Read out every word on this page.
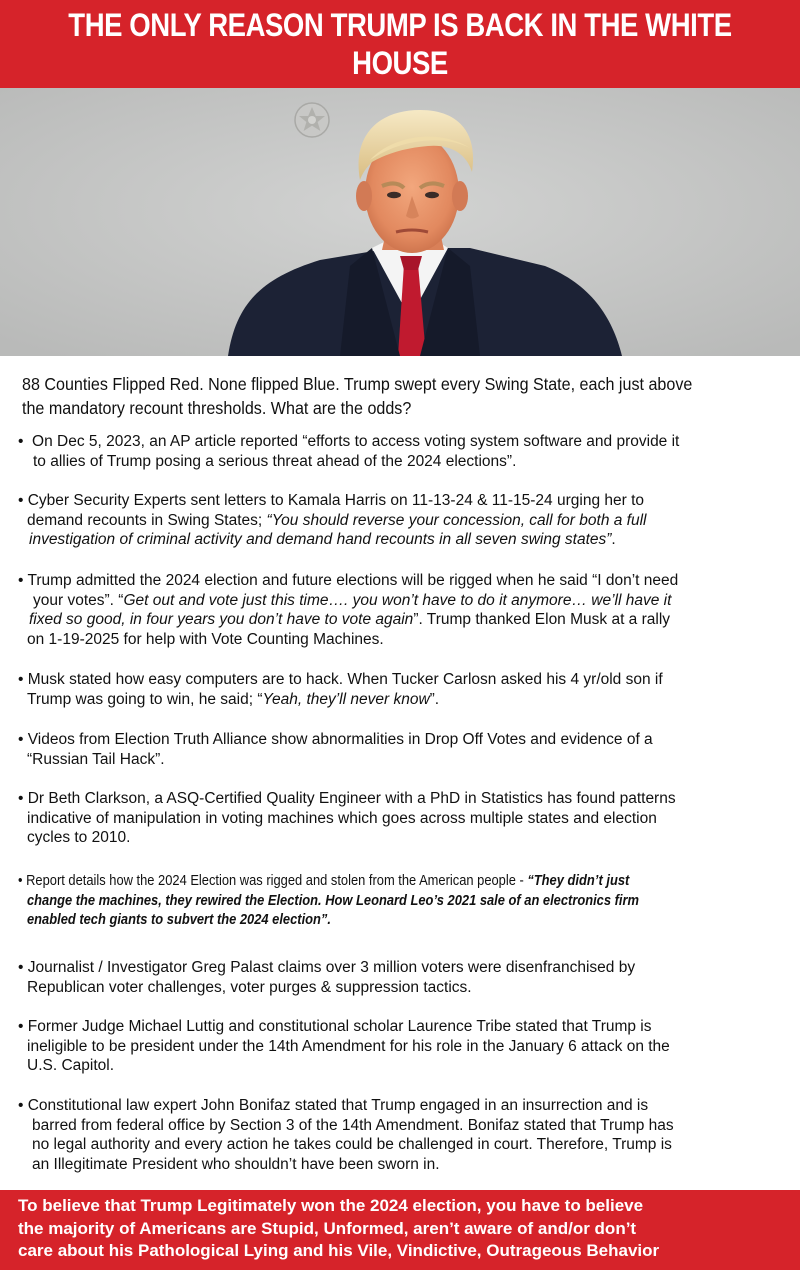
THE ONLY REASON TRUMP IS BACK IN THE WHITE HOUSE
88 Counties Flipped Red. None flipped Blue. Trump swept every Swing State, each just above
the mandatory recount thresholds. What are the odds?
•  On Dec 5, 2023, an AP article reported “efforts to access voting system software and provide it
to allies of Trump posing a serious threat ahead of the 2024 elections”.
• Cyber Security Experts sent letters to Kamala Harris on 11-13-24 & 11-15-24 urging her to
demand recounts in Swing States; “You should reverse your concession, call for both a full
investigation of criminal activity and demand hand recounts in all seven swing states”.
• Trump admitted the 2024 election and future elections will be rigged when he said “I don’t need
your votes”. “Get out and vote just this time…. you won’t have to do it anymore… we’ll have it
fixed so good, in four years you don’t have to vote again”. Trump thanked Elon Musk at a rally
on 1-19-2025 for help with Vote Counting Machines.
• Musk stated how easy computers are to hack. When Tucker Carlosn asked his 4 yr/old son if
Trump was going to win, he said; “Yeah, they’ll never know”.
• Videos from Election Truth Alliance show abnormalities in Drop Off Votes and evidence of a
“Russian Tail Hack”.
• Dr Beth Clarkson, a ASQ-Certified Quality Engineer with a PhD in Statistics has found patterns
indicative of manipulation in voting machines which goes across multiple states and election
cycles to 2010.
• Report details how the 2024 Election was rigged and stolen from the American people - “They didn’t just
change the machines, they rewired the Election. How Leonard Leo’s 2021 sale of an electronics firm
enabled tech giants to subvert the 2024 election”.
• Journalist / Investigator Greg Palast claims over 3 million voters were disenfranchised by
Republican voter challenges, voter purges & suppression tactics.
• Former Judge Michael Luttig and constitutional scholar Laurence Tribe stated that Trump is
ineligible to be president under the 14th Amendment for his role in the January 6 attack on the
U.S. Capitol.
• Constitutional law expert John Bonifaz stated that Trump engaged in an insurrection and is
barred from federal office by Section 3 of the 14th Amendment. Bonifaz stated that Trump has
no legal authority and every action he takes could be challenged in court. Therefore, Trump is
an Illegitimate President who shouldn’t have been sworn in.
To believe that Trump Legitimately won the 2024 election, you have to believe
the majority of Americans are Stupid, Unformed, aren’t aware of and/or don’t
care about his Pathological Lying and his Vile, Vindictive, Outrageous Behavior
